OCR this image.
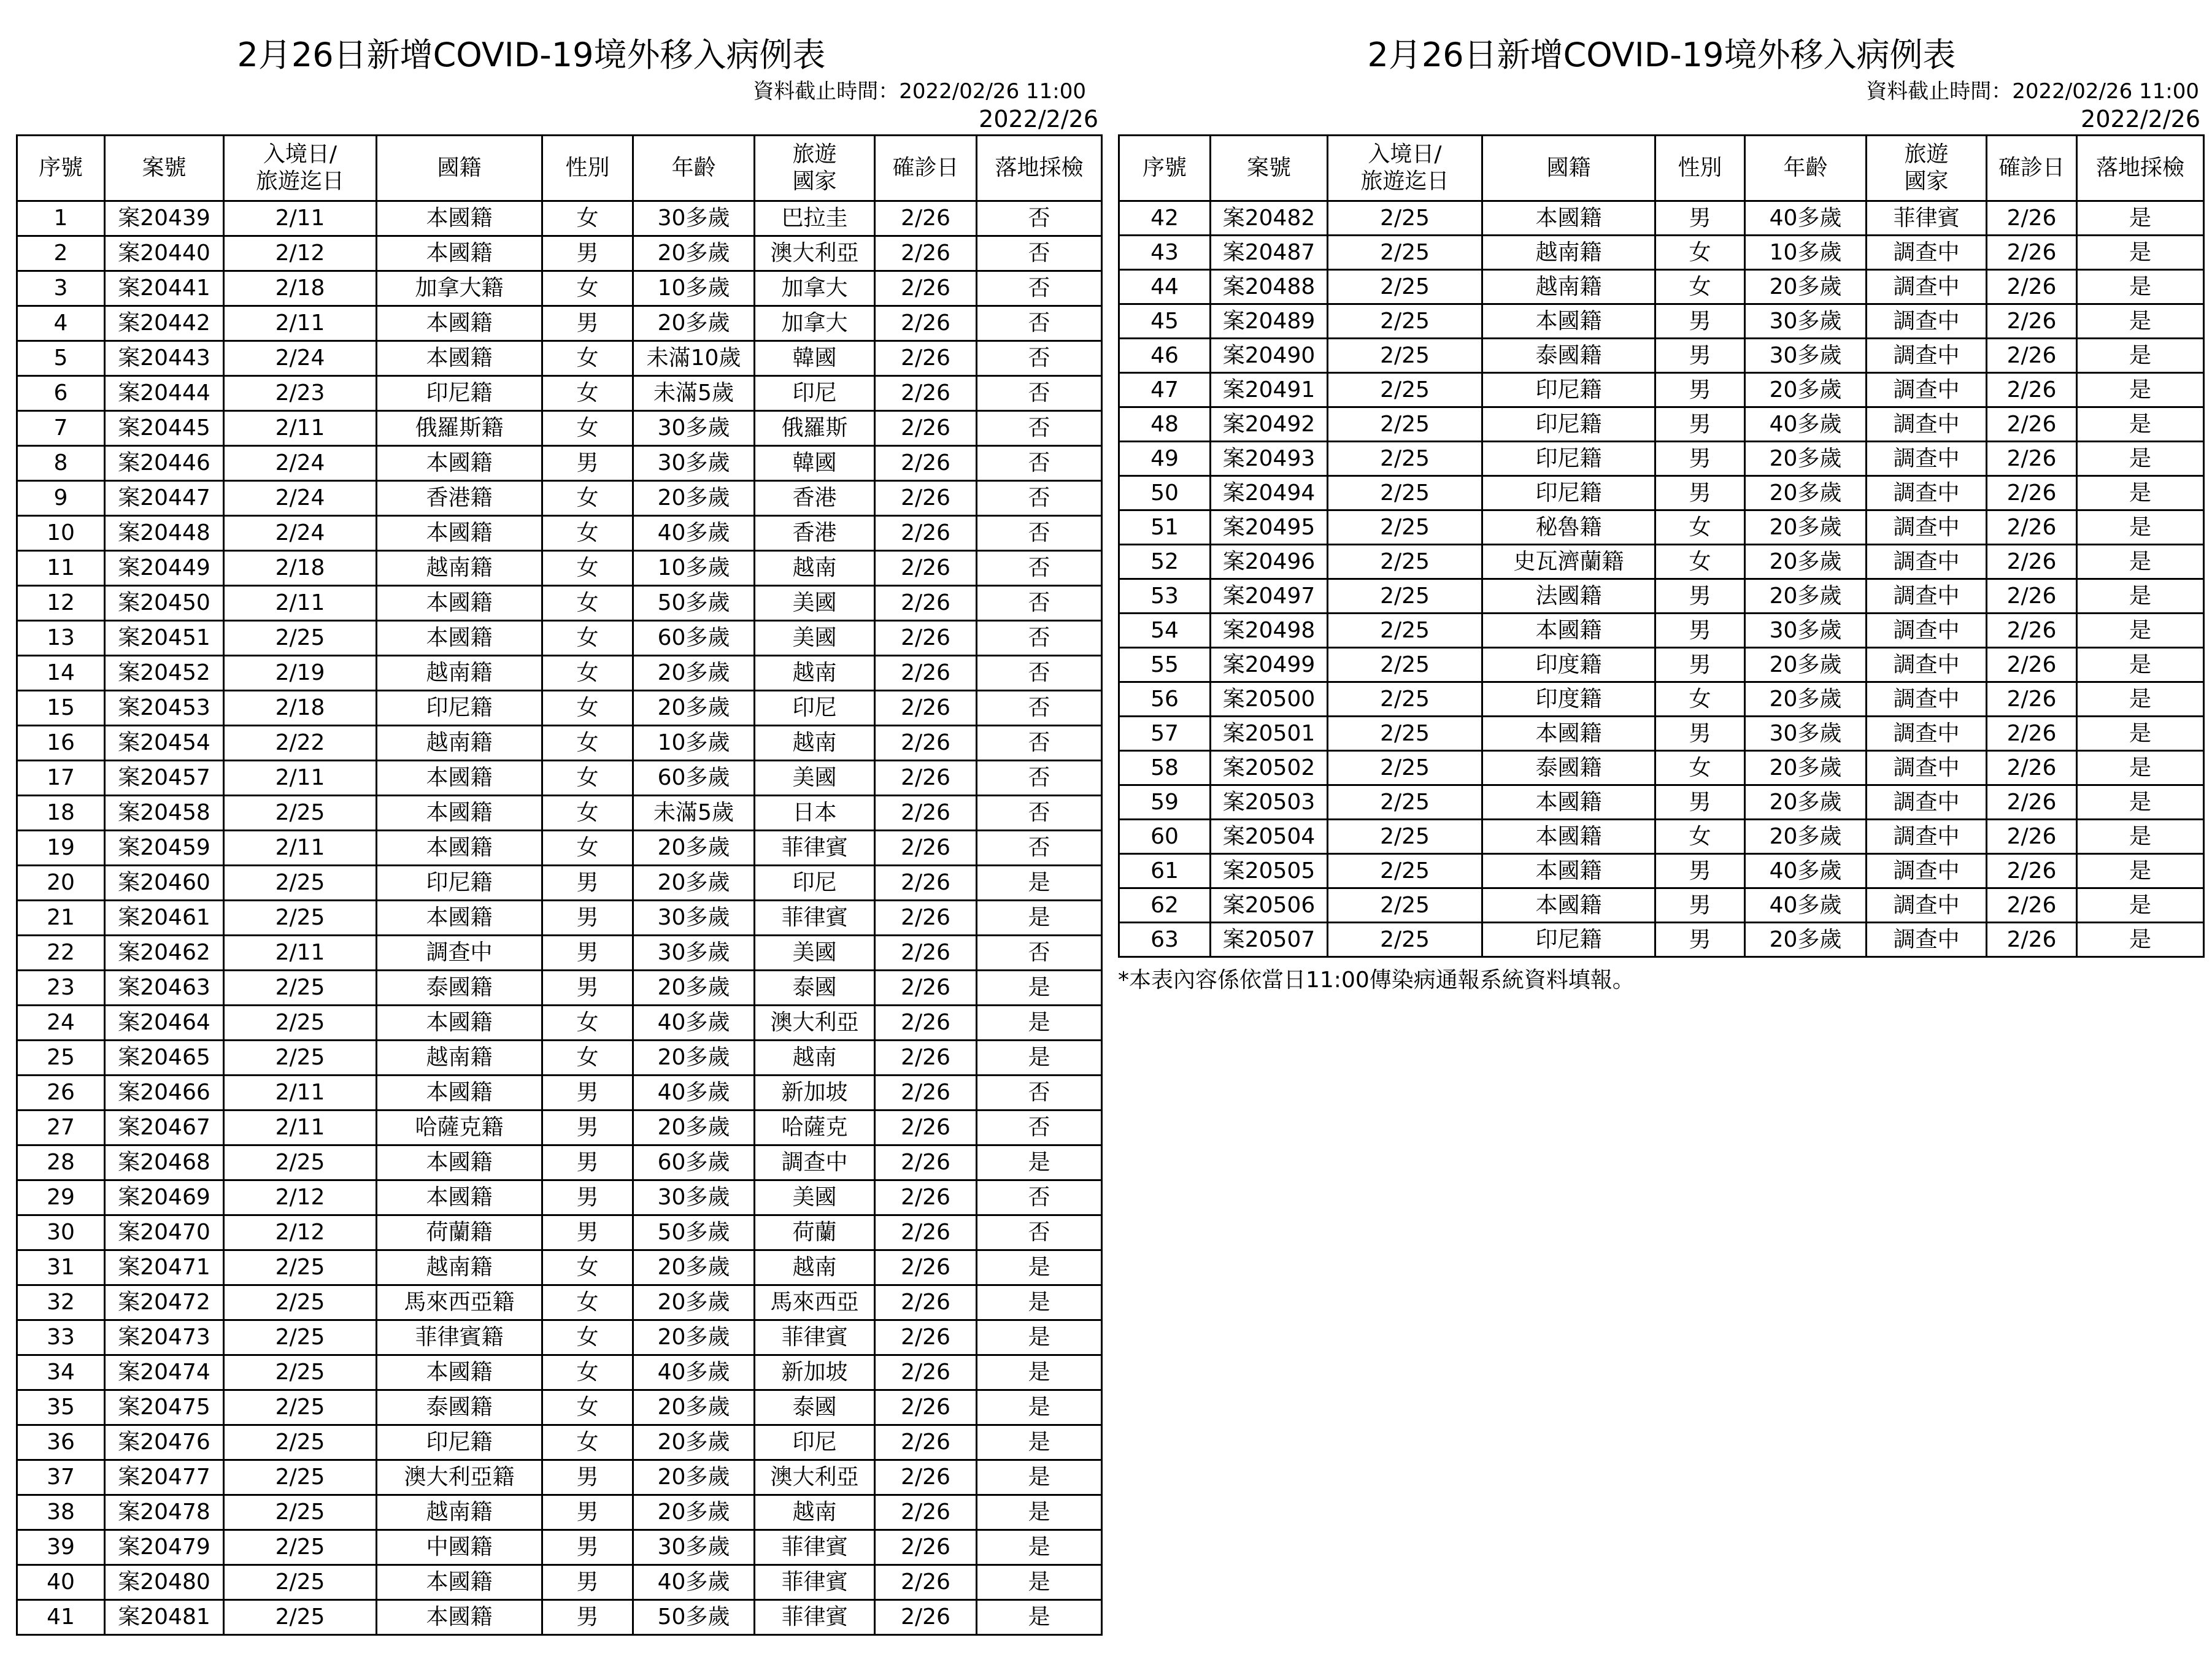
2月26日新增COVID-19境外移入病例表
資料截止時間：2022/02/26 11:00
2022/2/26
序號	案號	入境日/
旅遊迄日	國籍	性別	年齡	旅遊
國家	確診日	落地採檢
1	案20439	2/11	本國籍	女	30多歲	巴拉圭	2/26	否
2	案20440	2/12	本國籍	男	20多歲	澳大利亞	2/26	否
3	案20441	2/18	加拿大籍	女	10多歲	加拿大	2/26	否
4	案20442	2/11	本國籍	男	20多歲	加拿大	2/26	否
5	案20443	2/24	本國籍	女	未滿10歲	韓國	2/26	否
6	案20444	2/23	印尼籍	女	未滿5歲	印尼	2/26	否
7	案20445	2/11	俄羅斯籍	女	30多歲	俄羅斯	2/26	否
8	案20446	2/24	本國籍	男	30多歲	韓國	2/26	否
9	案20447	2/24	香港籍	女	20多歲	香港	2/26	否
10	案20448	2/24	本國籍	女	40多歲	香港	2/26	否
11	案20449	2/18	越南籍	女	10多歲	越南	2/26	否
12	案20450	2/11	本國籍	女	50多歲	美國	2/26	否
13	案20451	2/25	本國籍	女	60多歲	美國	2/26	否
14	案20452	2/19	越南籍	女	20多歲	越南	2/26	否
15	案20453	2/18	印尼籍	女	20多歲	印尼	2/26	否
16	案20454	2/22	越南籍	女	10多歲	越南	2/26	否
17	案20457	2/11	本國籍	女	60多歲	美國	2/26	否
18	案20458	2/25	本國籍	女	未滿5歲	日本	2/26	否
19	案20459	2/11	本國籍	女	20多歲	菲律賓	2/26	否
20	案20460	2/25	印尼籍	男	20多歲	印尼	2/26	是
21	案20461	2/25	本國籍	男	30多歲	菲律賓	2/26	是
22	案20462	2/11	調查中	男	30多歲	美國	2/26	否
23	案20463	2/25	泰國籍	男	20多歲	泰國	2/26	是
24	案20464	2/25	本國籍	女	40多歲	澳大利亞	2/26	是
25	案20465	2/25	越南籍	女	20多歲	越南	2/26	是
26	案20466	2/11	本國籍	男	40多歲	新加坡	2/26	否
27	案20467	2/11	哈薩克籍	男	20多歲	哈薩克	2/26	否
28	案20468	2/25	本國籍	男	60多歲	調查中	2/26	是
29	案20469	2/12	本國籍	男	30多歲	美國	2/26	否
30	案20470	2/12	荷蘭籍	男	50多歲	荷蘭	2/26	否
31	案20471	2/25	越南籍	女	20多歲	越南	2/26	是
32	案20472	2/25	馬來西亞籍	女	20多歲	馬來西亞	2/26	是
33	案20473	2/25	菲律賓籍	女	20多歲	菲律賓	2/26	是
34	案20474	2/25	本國籍	女	40多歲	新加坡	2/26	是
35	案20475	2/25	泰國籍	女	20多歲	泰國	2/26	是
36	案20476	2/25	印尼籍	女	20多歲	印尼	2/26	是
37	案20477	2/25	澳大利亞籍	男	20多歲	澳大利亞	2/26	是
38	案20478	2/25	越南籍	男	20多歲	越南	2/26	是
39	案20479	2/25	中國籍	男	30多歲	菲律賓	2/26	是
40	案20480	2/25	本國籍	男	40多歲	菲律賓	2/26	是
41	案20481	2/25	本國籍	男	50多歲	菲律賓	2/26	是
2月26日新增COVID-19境外移入病例表
資料截止時間：2022/02/26 11:00
2022/2/26
序號	案號	入境日/
旅遊迄日	國籍	性別	年齡	旅遊
國家	確診日	落地採檢
42	案20482	2/25	本國籍	男	40多歲	菲律賓	2/26	是
43	案20487	2/25	越南籍	女	10多歲	調查中	2/26	是
44	案20488	2/25	越南籍	女	20多歲	調查中	2/26	是
45	案20489	2/25	本國籍	男	30多歲	調查中	2/26	是
46	案20490	2/25	泰國籍	男	30多歲	調查中	2/26	是
47	案20491	2/25	印尼籍	男	20多歲	調查中	2/26	是
48	案20492	2/25	印尼籍	男	40多歲	調查中	2/26	是
49	案20493	2/25	印尼籍	男	20多歲	調查中	2/26	是
50	案20494	2/25	印尼籍	男	20多歲	調查中	2/26	是
51	案20495	2/25	秘魯籍	女	20多歲	調查中	2/26	是
52	案20496	2/25	史瓦濟蘭籍	女	20多歲	調查中	2/26	是
53	案20497	2/25	法國籍	男	20多歲	調查中	2/26	是
54	案20498	2/25	本國籍	男	30多歲	調查中	2/26	是
55	案20499	2/25	印度籍	男	20多歲	調查中	2/26	是
56	案20500	2/25	印度籍	女	20多歲	調查中	2/26	是
57	案20501	2/25	本國籍	男	30多歲	調查中	2/26	是
58	案20502	2/25	泰國籍	女	20多歲	調查中	2/26	是
59	案20503	2/25	本國籍	男	20多歲	調查中	2/26	是
60	案20504	2/25	本國籍	女	20多歲	調查中	2/26	是
61	案20505	2/25	本國籍	男	40多歲	調查中	2/26	是
62	案20506	2/25	本國籍	男	40多歲	調查中	2/26	是
63	案20507	2/25	印尼籍	男	20多歲	調查中	2/26	是
*本表內容係依當日11:00傳染病通報系統資料填報。
